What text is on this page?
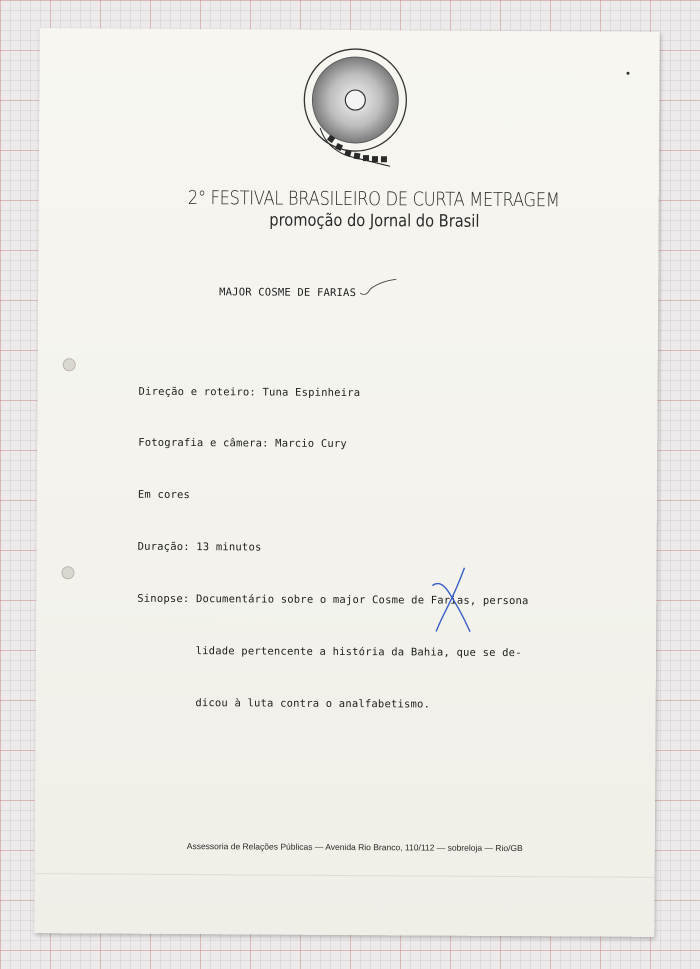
2° FESTIVAL BRASILEIRO DE CURTA METRAGEM
promoção do Jornal do Brasil
MAJOR COSME DE FARIAS

Direção e roteiro: Tuna Espinheira

Fotografia e câmera: Marcio Cury

Em cores

Duração: 13 minutos

Sinopse: Documentário sobre o major Cosme de Farias, persona

lidade pertencente a história da Bahia, que se de-

dicou à luta contra o analfabetismo.

Assessoria de Relações Públicas — Avenida Rio Branco, 110/112 — sobreloja — Rio/GB
